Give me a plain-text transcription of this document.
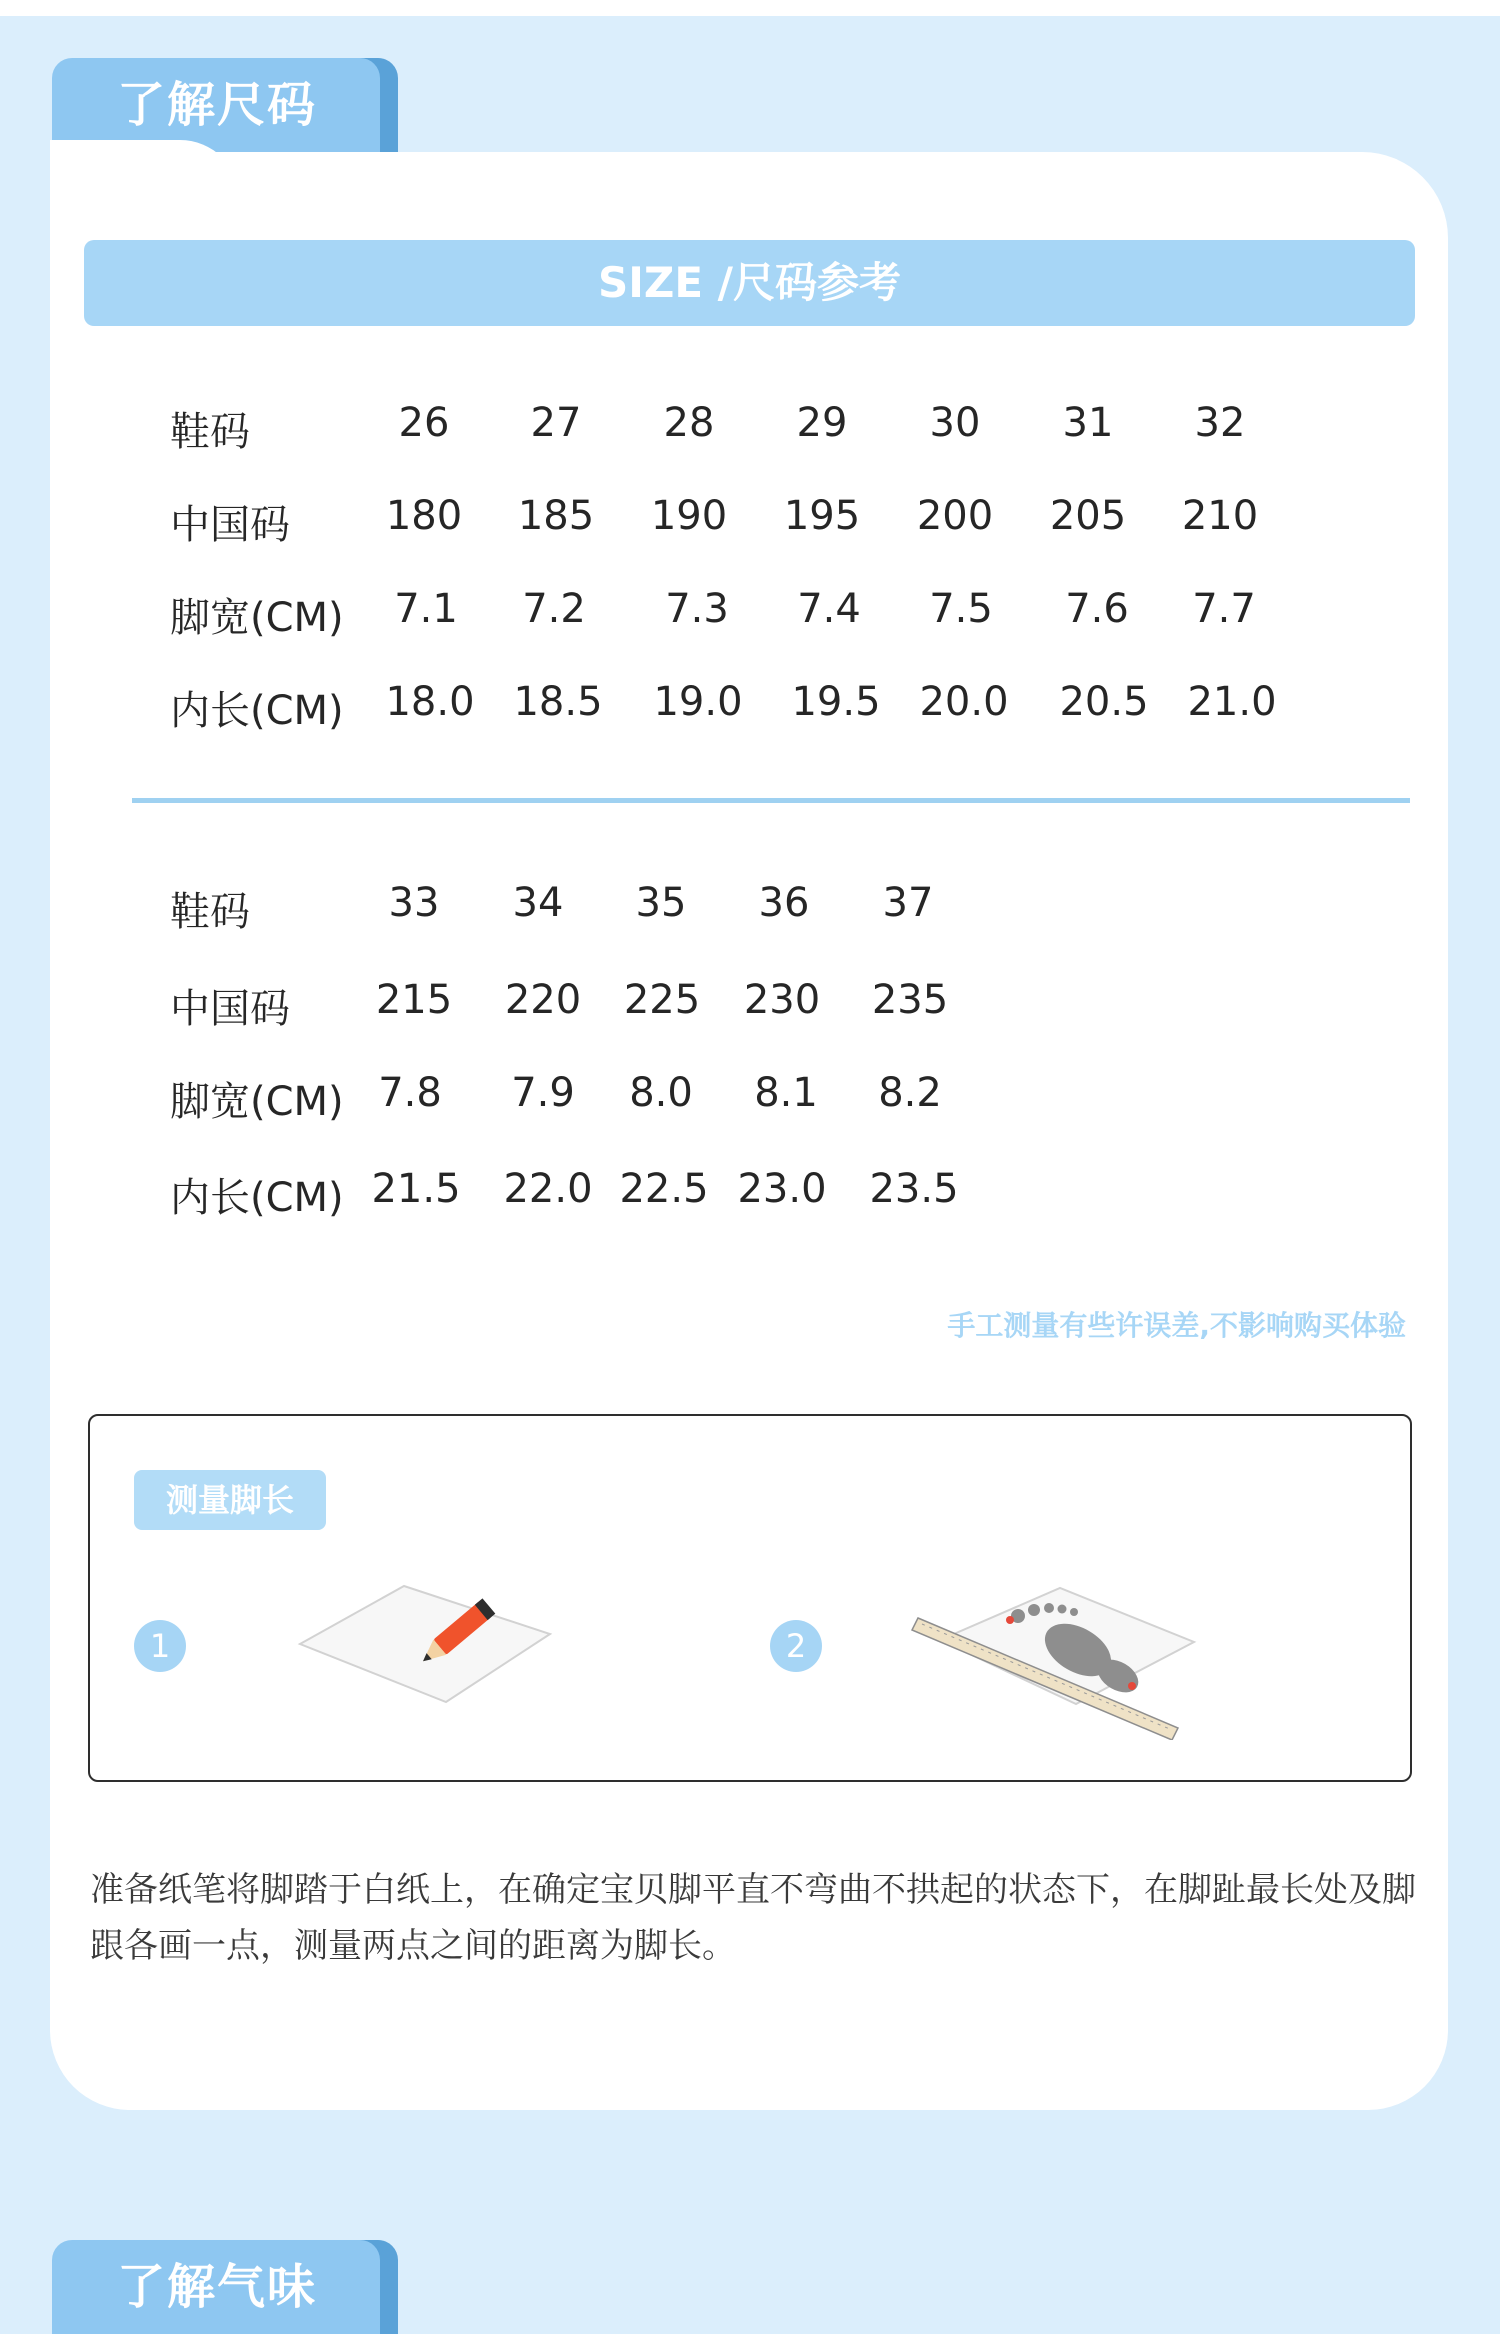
了解尺码
SIZE /尺码参考
鞋码	26 27 28 29 30 31 32
中国码 180 185 190 195 200 205 210
脚宽(CM) 7.1 7.2 7.3 7.4 7.5 7.6 7.7
内长(CM) 18.0 18.5 19.0 19.5 20.0 20.5 21.0
鞋码	33 34 35 36 37
中国码 215 220 225 230 235
脚宽(CM) 7.8 7.9 8.0 8.1 8.2
内长(CM) 21.5 22.0 22.5 23.0 23.5
手工测量有些许误差,不影响购买体验
测量脚长
1	2
准备纸笔将脚踏于白纸上，在确定宝贝脚平直不弯曲不拱起的状态下，在脚趾最长处及脚跟各画一点，测量两点之间的距离为脚长。
了解气味
